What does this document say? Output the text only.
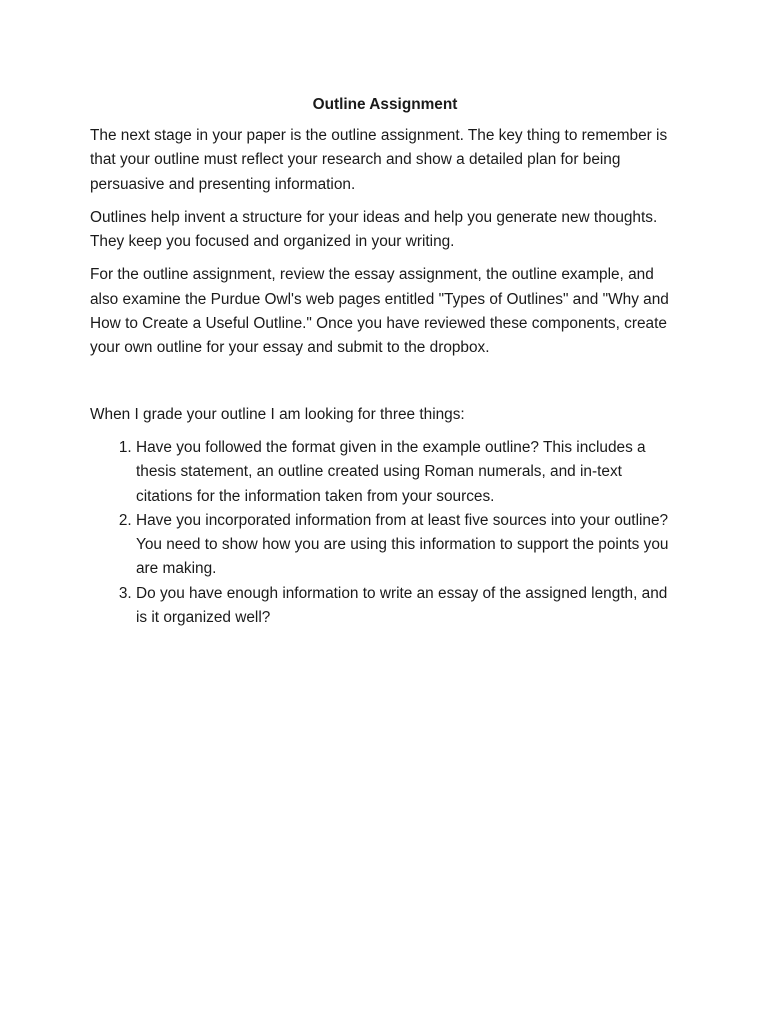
Outline Assignment

The next stage in your paper is the outline assignment. The key thing to remember is that your outline must reflect your research and show a detailed plan for being persuasive and presenting information.

Outlines help invent a structure for your ideas and help you generate new thoughts. They keep you focused and organized in your writing.

For the outline assignment, review the essay assignment, the outline example, and also examine the Purdue Owl's web pages entitled "Types of Outlines" and "Why and How to Create a Useful Outline." Once you have reviewed these components, create your own outline for your essay and submit to the dropbox.

When I grade your outline I am looking for three things:

1. Have you followed the format given in the example outline? This includes a thesis statement, an outline created using Roman numerals, and in-text citations for the information taken from your sources.
2. Have you incorporated information from at least five sources into your outline? You need to show how you are using this information to support the points you are making.
3. Do you have enough information to write an essay of the assigned length, and is it organized well?
